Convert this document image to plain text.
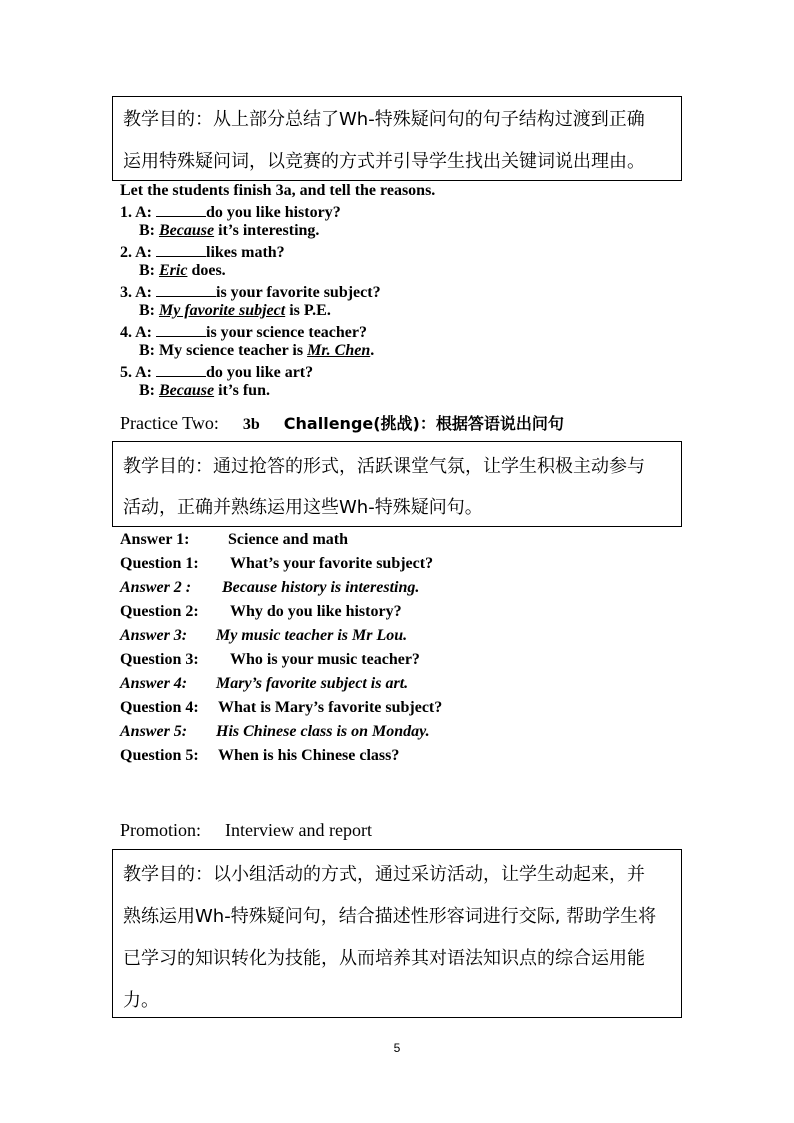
教学目的：从上部分总结了Wh-特殊疑问句的句子结构过渡到正确
运用特殊疑问词，以竞赛的方式并引导学生找出关键词说出理由。
Let the students finish 3a, and tell the reasons.
1. A:	do you like history?
B: Because it’s interesting.
2. A:	likes math?
B: Eric does.
3. A:	is your favorite subject?
B: My favorite subject is P.E.
4. A:	is your science teacher?
B: My science teacher is Mr. Chen.
5. A:	do you like art?
B: Because it’s fun.
Practice Two: 3b Challenge(挑战)：根据答语说出问句
教学目的：通过抢答的形式，活跃课堂气氛，让学生积极主动参与
活动，正确并熟练运用这些Wh-特殊疑问句。
Answer 1: Science and math
Question 1: What’s your favorite subject?
Answer 2 : Because history is interesting.
Question 2: Why do you like history?
Answer 3: My music teacher is Mr Lou.
Question 3: Who is your music teacher?
Answer 4: Mary’s favorite subject is art.
Question 4: What is Mary’s favorite subject?
Answer 5: His Chinese class is on Monday.
Question 5: When is his Chinese class?
Promotion: Interview and report
教学目的：以小组活动的方式，通过采访活动，让学生动起来，并
熟练运用Wh-特殊疑问句，结合描述性形容词进行交际, 帮助学生将
已学习的知识转化为技能，从而培养其对语法知识点的综合运用能
力。
5
